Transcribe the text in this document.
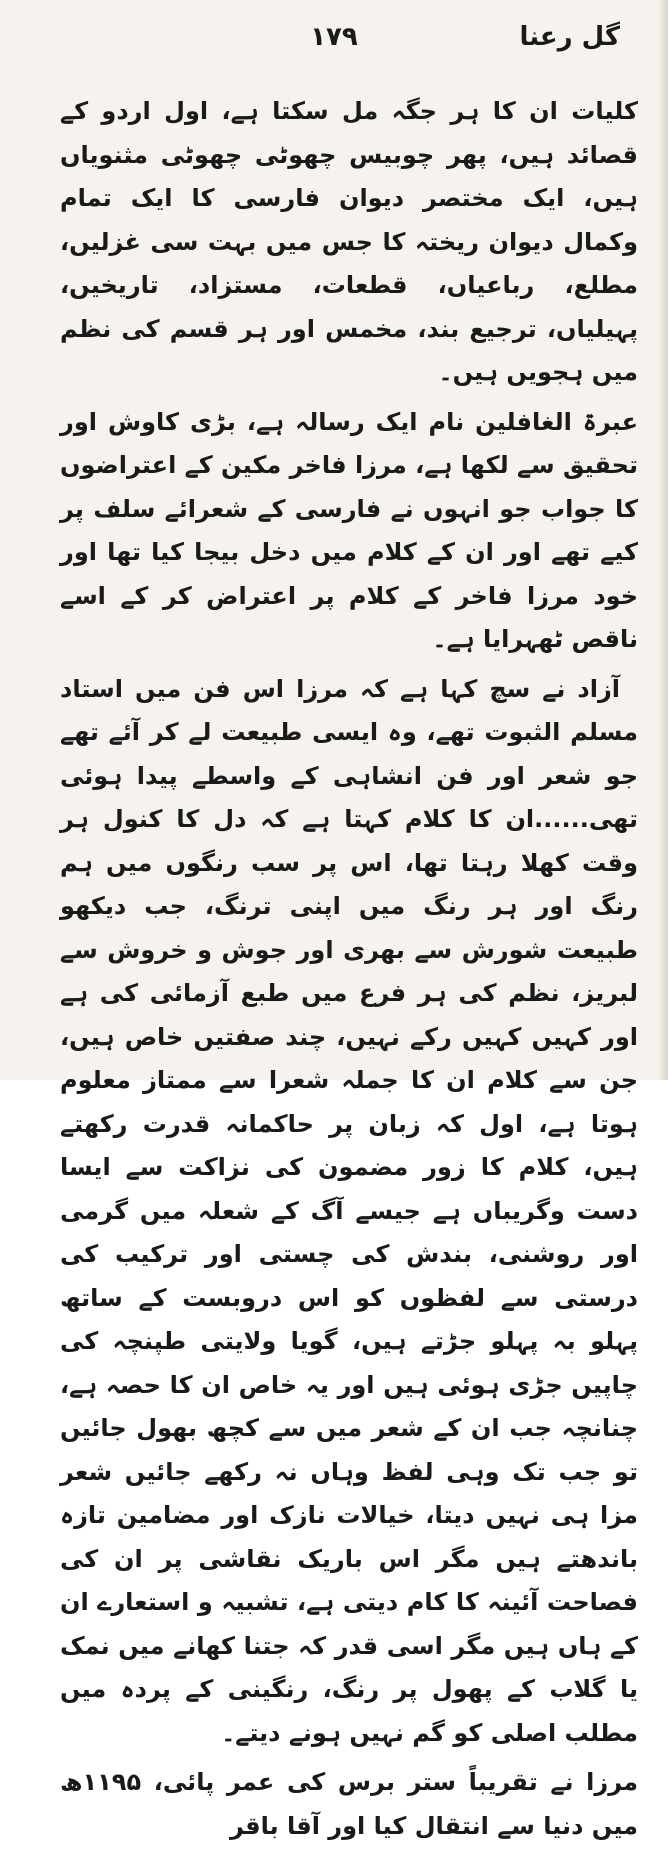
گل رعنا
۱۷۹

کلیات ان کا ہر جگہ مل سکتا ہے، اول اردو کے قصائد ہیں، پھر چوبیس چھوٹی چھوٹی مثنویاں ہیں، ایک مختصر دیوان فارسی کا ایک تمام وکمال دیوان ریختہ کا جس میں بہت سی غزلیں، مطلع، رباعیاں، قطعات، مستزاد، تاریخیں، پہیلیاں، ترجیع بند، مخمس اور ہر قسم کی نظم میں ہجویں ہیں۔

عبرۃ الغافلین نام ایک رسالہ ہے، بڑی کاوش اور تحقیق سے لکھا ہے، مرزا فاخر مکین کے اعتراضوں کا جواب جو انہوں نے فارسی کے شعرائے سلف پر کیے تھے اور ان کے کلام میں دخل بیجا کیا تھا اور خود مرزا فاخر کے کلام پر اعتراض کر کے اسے ناقص ٹھہرایا ہے۔

آزاد نے سچ کہا ہے کہ مرزا اس فن میں استاد مسلم الثبوت تھے، وہ ایسی طبیعت لے کر آئے تھے جو شعر اور فن انشاہی کے واسطے پیدا ہوئی تھی......ان کا کلام کہتا ہے کہ دل کا کنول ہر وقت کھلا رہتا تھا، اس پر سب رنگوں میں ہم رنگ اور ہر رنگ میں اپنی ترنگ، جب دیکھو طبیعت شورش سے بھری اور جوش و خروش سے لبریز، نظم کی ہر فرع میں طبع آزمائی کی ہے اور کہیں کہیں رکے نہیں، چند صفتیں خاص ہیں، جن سے کلام ان کا جملہ شعرا سے ممتاز معلوم ہوتا ہے، اول کہ زبان پر حاکمانہ قدرت رکھتے ہیں، کلام کا زور مضمون کی نزاکت سے ایسا دست وگریباں ہے جیسے آگ کے شعلہ میں گرمی اور روشنی، بندش کی چستی اور ترکیب کی درستی سے لفظوں کو اس دروبست کے ساتھ پہلو بہ پہلو جڑتے ہیں، گویا ولایتی طپنچہ کی چاپیں جڑی ہوئی ہیں اور یہ خاص ان کا حصہ ہے، چنانچہ جب ان کے شعر میں سے کچھ بھول جائیں تو جب تک وہی لفظ وہاں نہ رکھے جائیں شعر مزا ہی نہیں دیتا، خیالات نازک اور مضامین تازہ باندھتے ہیں مگر اس باریک نقاشی پر ان کی فصاحت آئینہ کا کام دیتی ہے، تشبیہ و استعارے ان کے ہاں ہیں مگر اسی قدر کہ جتنا کھانے میں نمک یا گلاب کے پھول پر رنگ، رنگینی کے پردہ میں مطلب اصلی کو گم نہیں ہونے دیتے۔

مرزا نے تقریباً ستر برس کی عمر پائی، ۱۱۹۵ھ میں دنیا سے انتقال کیا اور آقا باقر
